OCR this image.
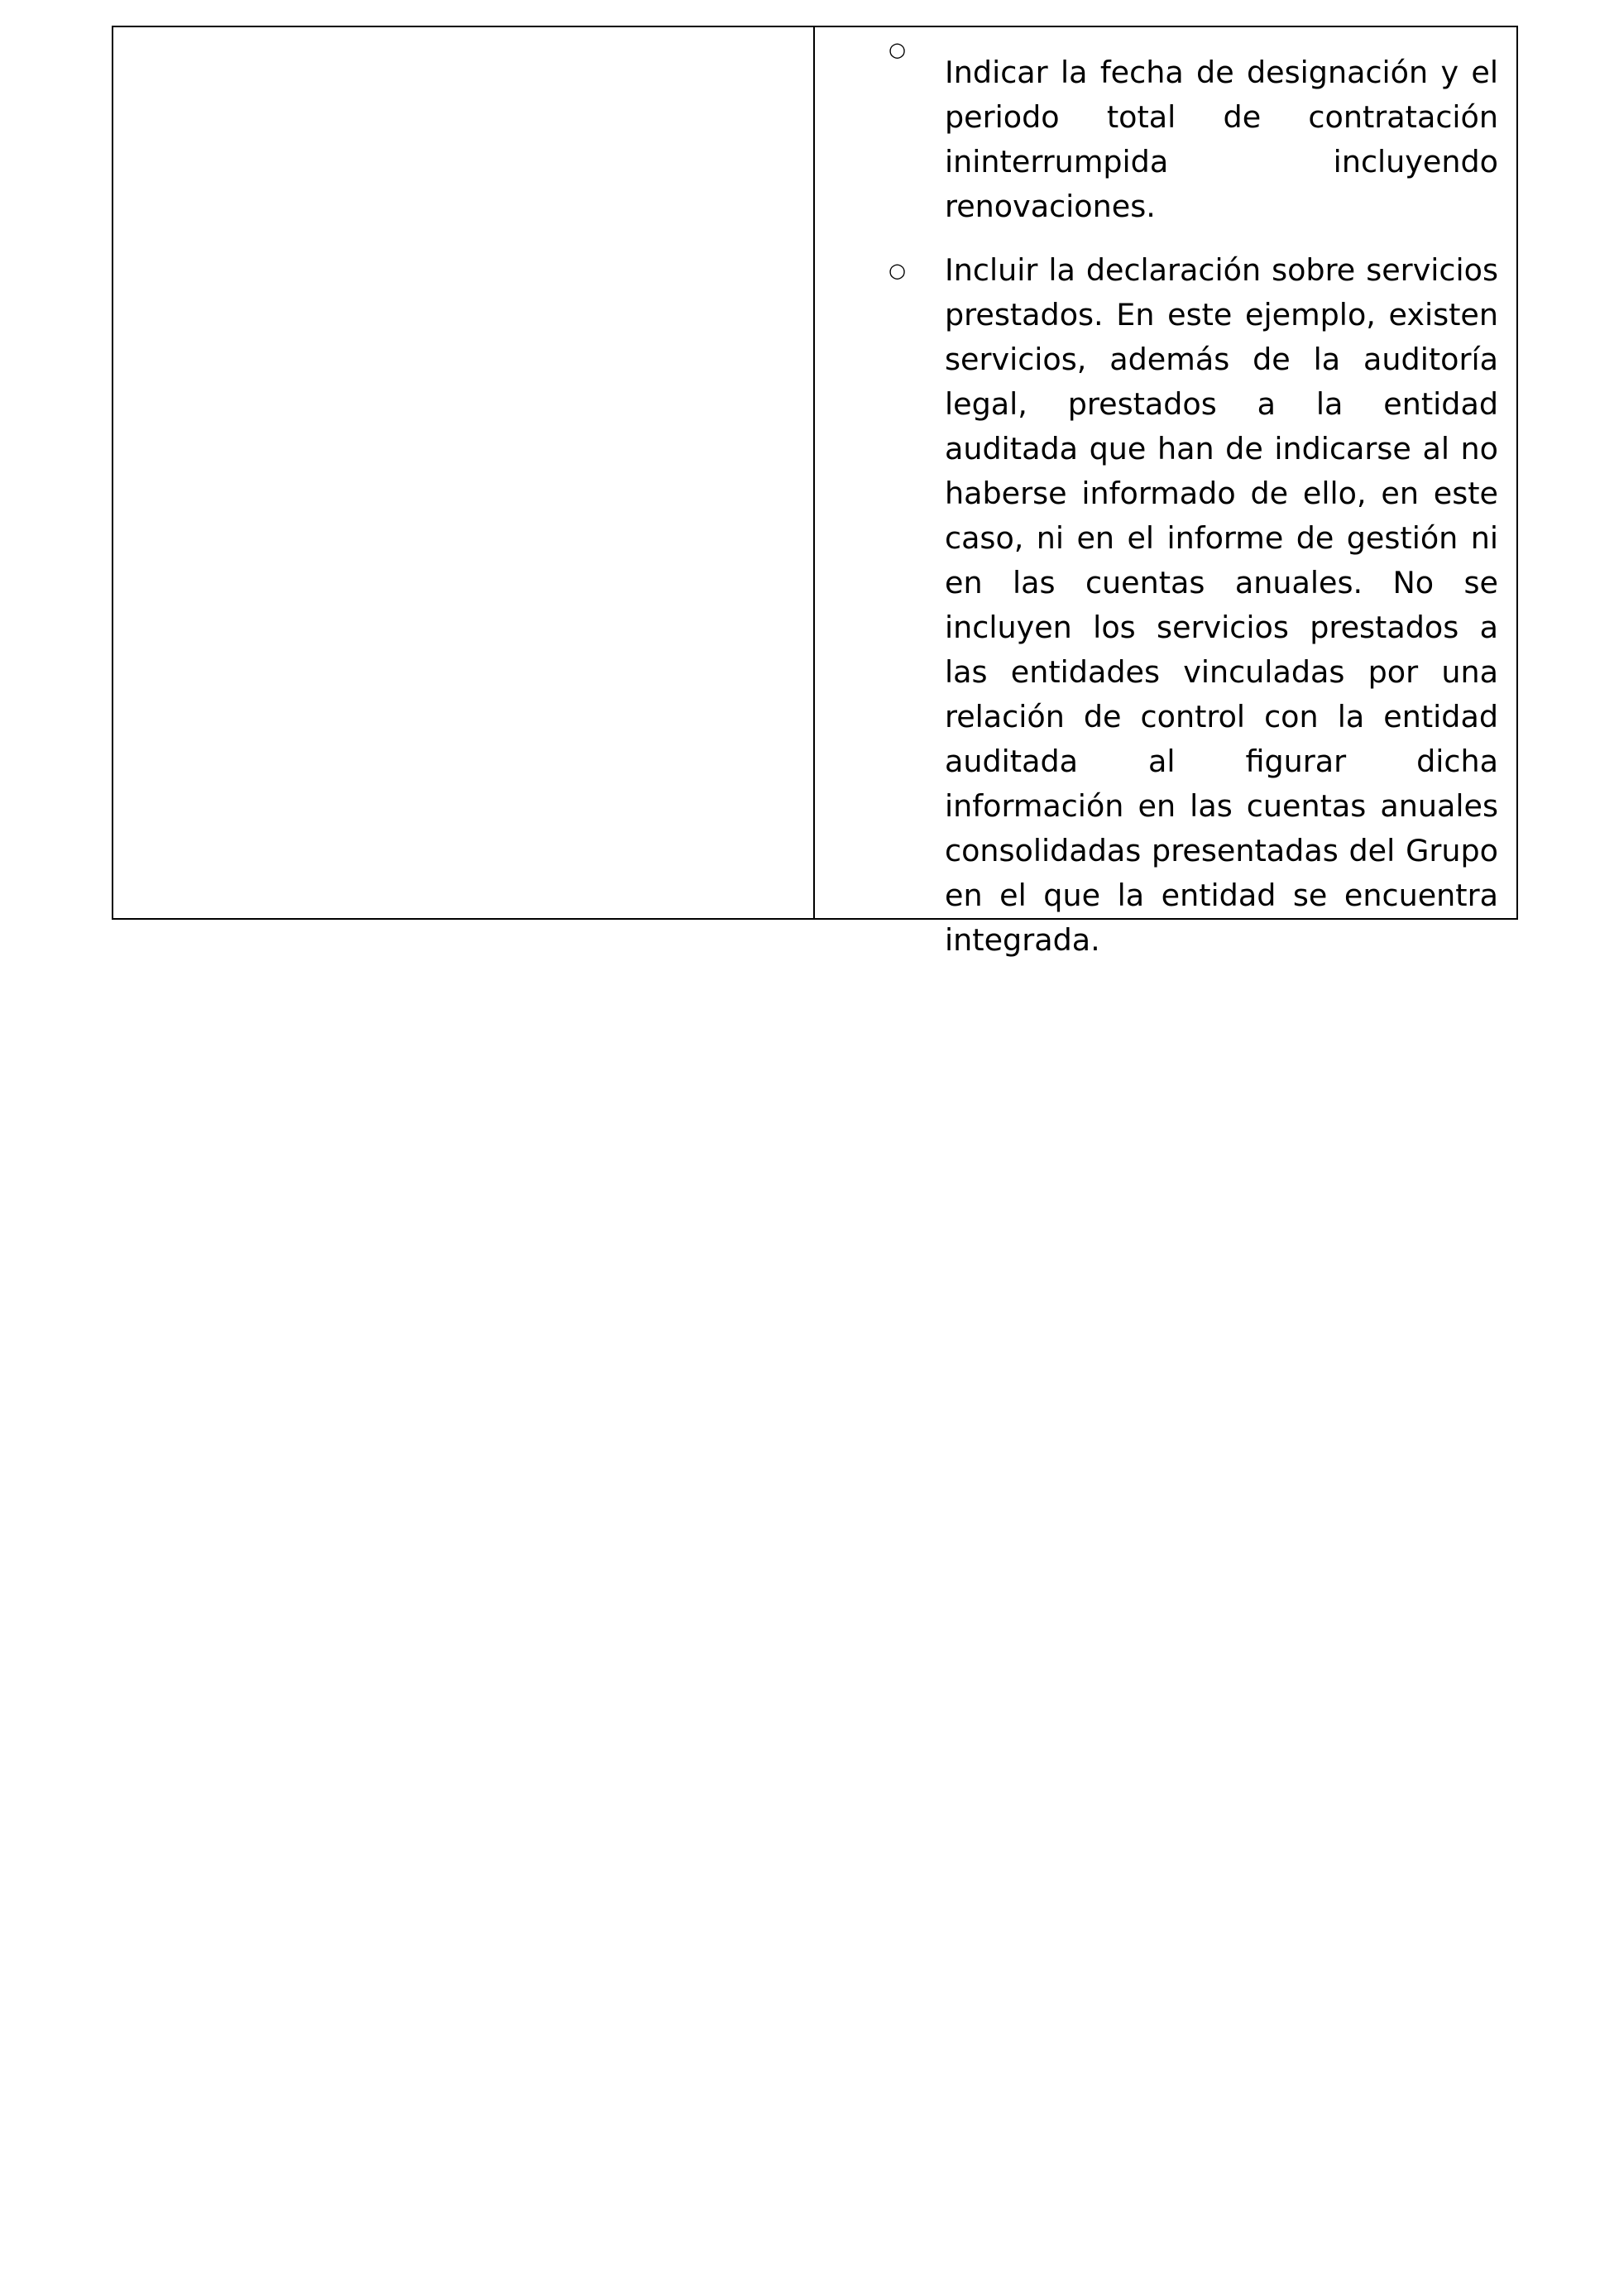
○
Indicar la fecha de designación y el periodo total de contratación ininterrumpida incluyendo renovaciones.
○ Incluir la declaración sobre servicios prestados. En este ejemplo, existen servicios, además de la auditoría legal, prestados a la entidad auditada que han de indicarse al no haberse informado de ello, en este caso, ni en el informe de gestión ni en las cuentas anuales. No se incluyen los servicios prestados a las entidades vinculadas por una relación de control con la entidad auditada al figurar dicha información en las cuentas anuales consolidadas presentadas del Grupo en el que la entidad se encuentra integrada.
